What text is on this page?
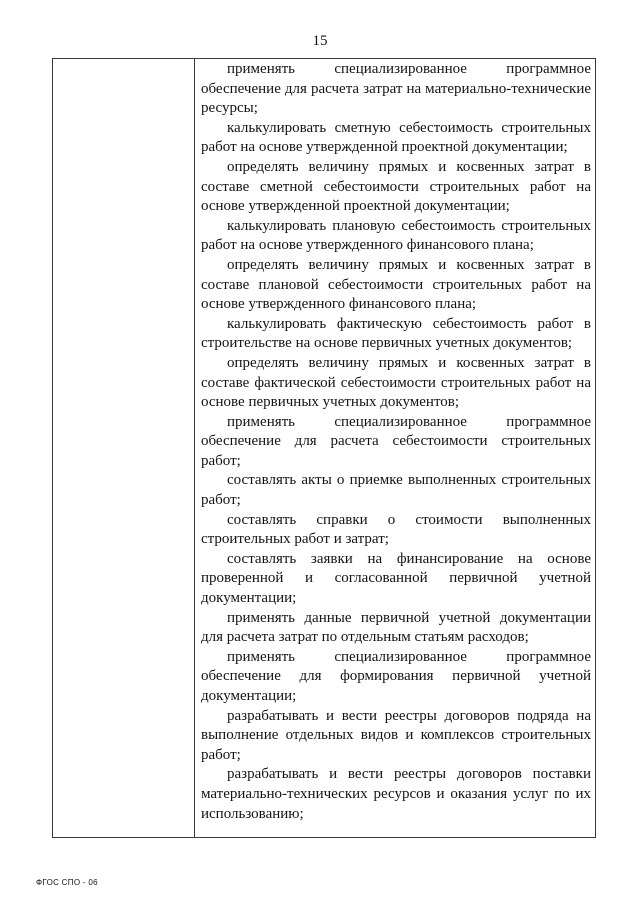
15

применять специализированное программное обеспечение для расчета затрат на материально-технические ресурсы;

калькулировать сметную себестоимость строительных работ на основе утвержденной проектной документации;

определять величину прямых и косвенных затрат в составе сметной себестоимости строительных работ на основе утвержденной проектной документации;

калькулировать плановую себестоимость строительных работ на основе утвержденного финансового плана;

определять величину прямых и косвенных затрат в составе плановой себестоимости строительных работ на основе утвержденного финансового плана;

калькулировать фактическую себестоимость работ в строительстве на основе первичных учетных документов;

определять величину прямых и косвенных затрат в составе фактической себестоимости строительных работ на основе первичных учетных документов;

применять специализированное программное обеспечение для расчета себестоимости строительных работ;

составлять акты о приемке выполненных строительных работ;

составлять справки о стоимости выполненных строительных работ и затрат;

составлять заявки на финансирование на основе проверенной и согласованной первичной учетной документации;

применять данные первичной учетной документации для расчета затрат по отдельным статьям расходов;

применять специализированное программное обеспечение для формирования первичной учетной документации;

разрабатывать и вести реестры договоров подряда на выполнение отдельных видов и комплексов строительных работ;

разрабатывать и вести реестры договоров поставки материально-технических ресурсов и оказания услуг по их использованию;

ФГОС СПО - 06
